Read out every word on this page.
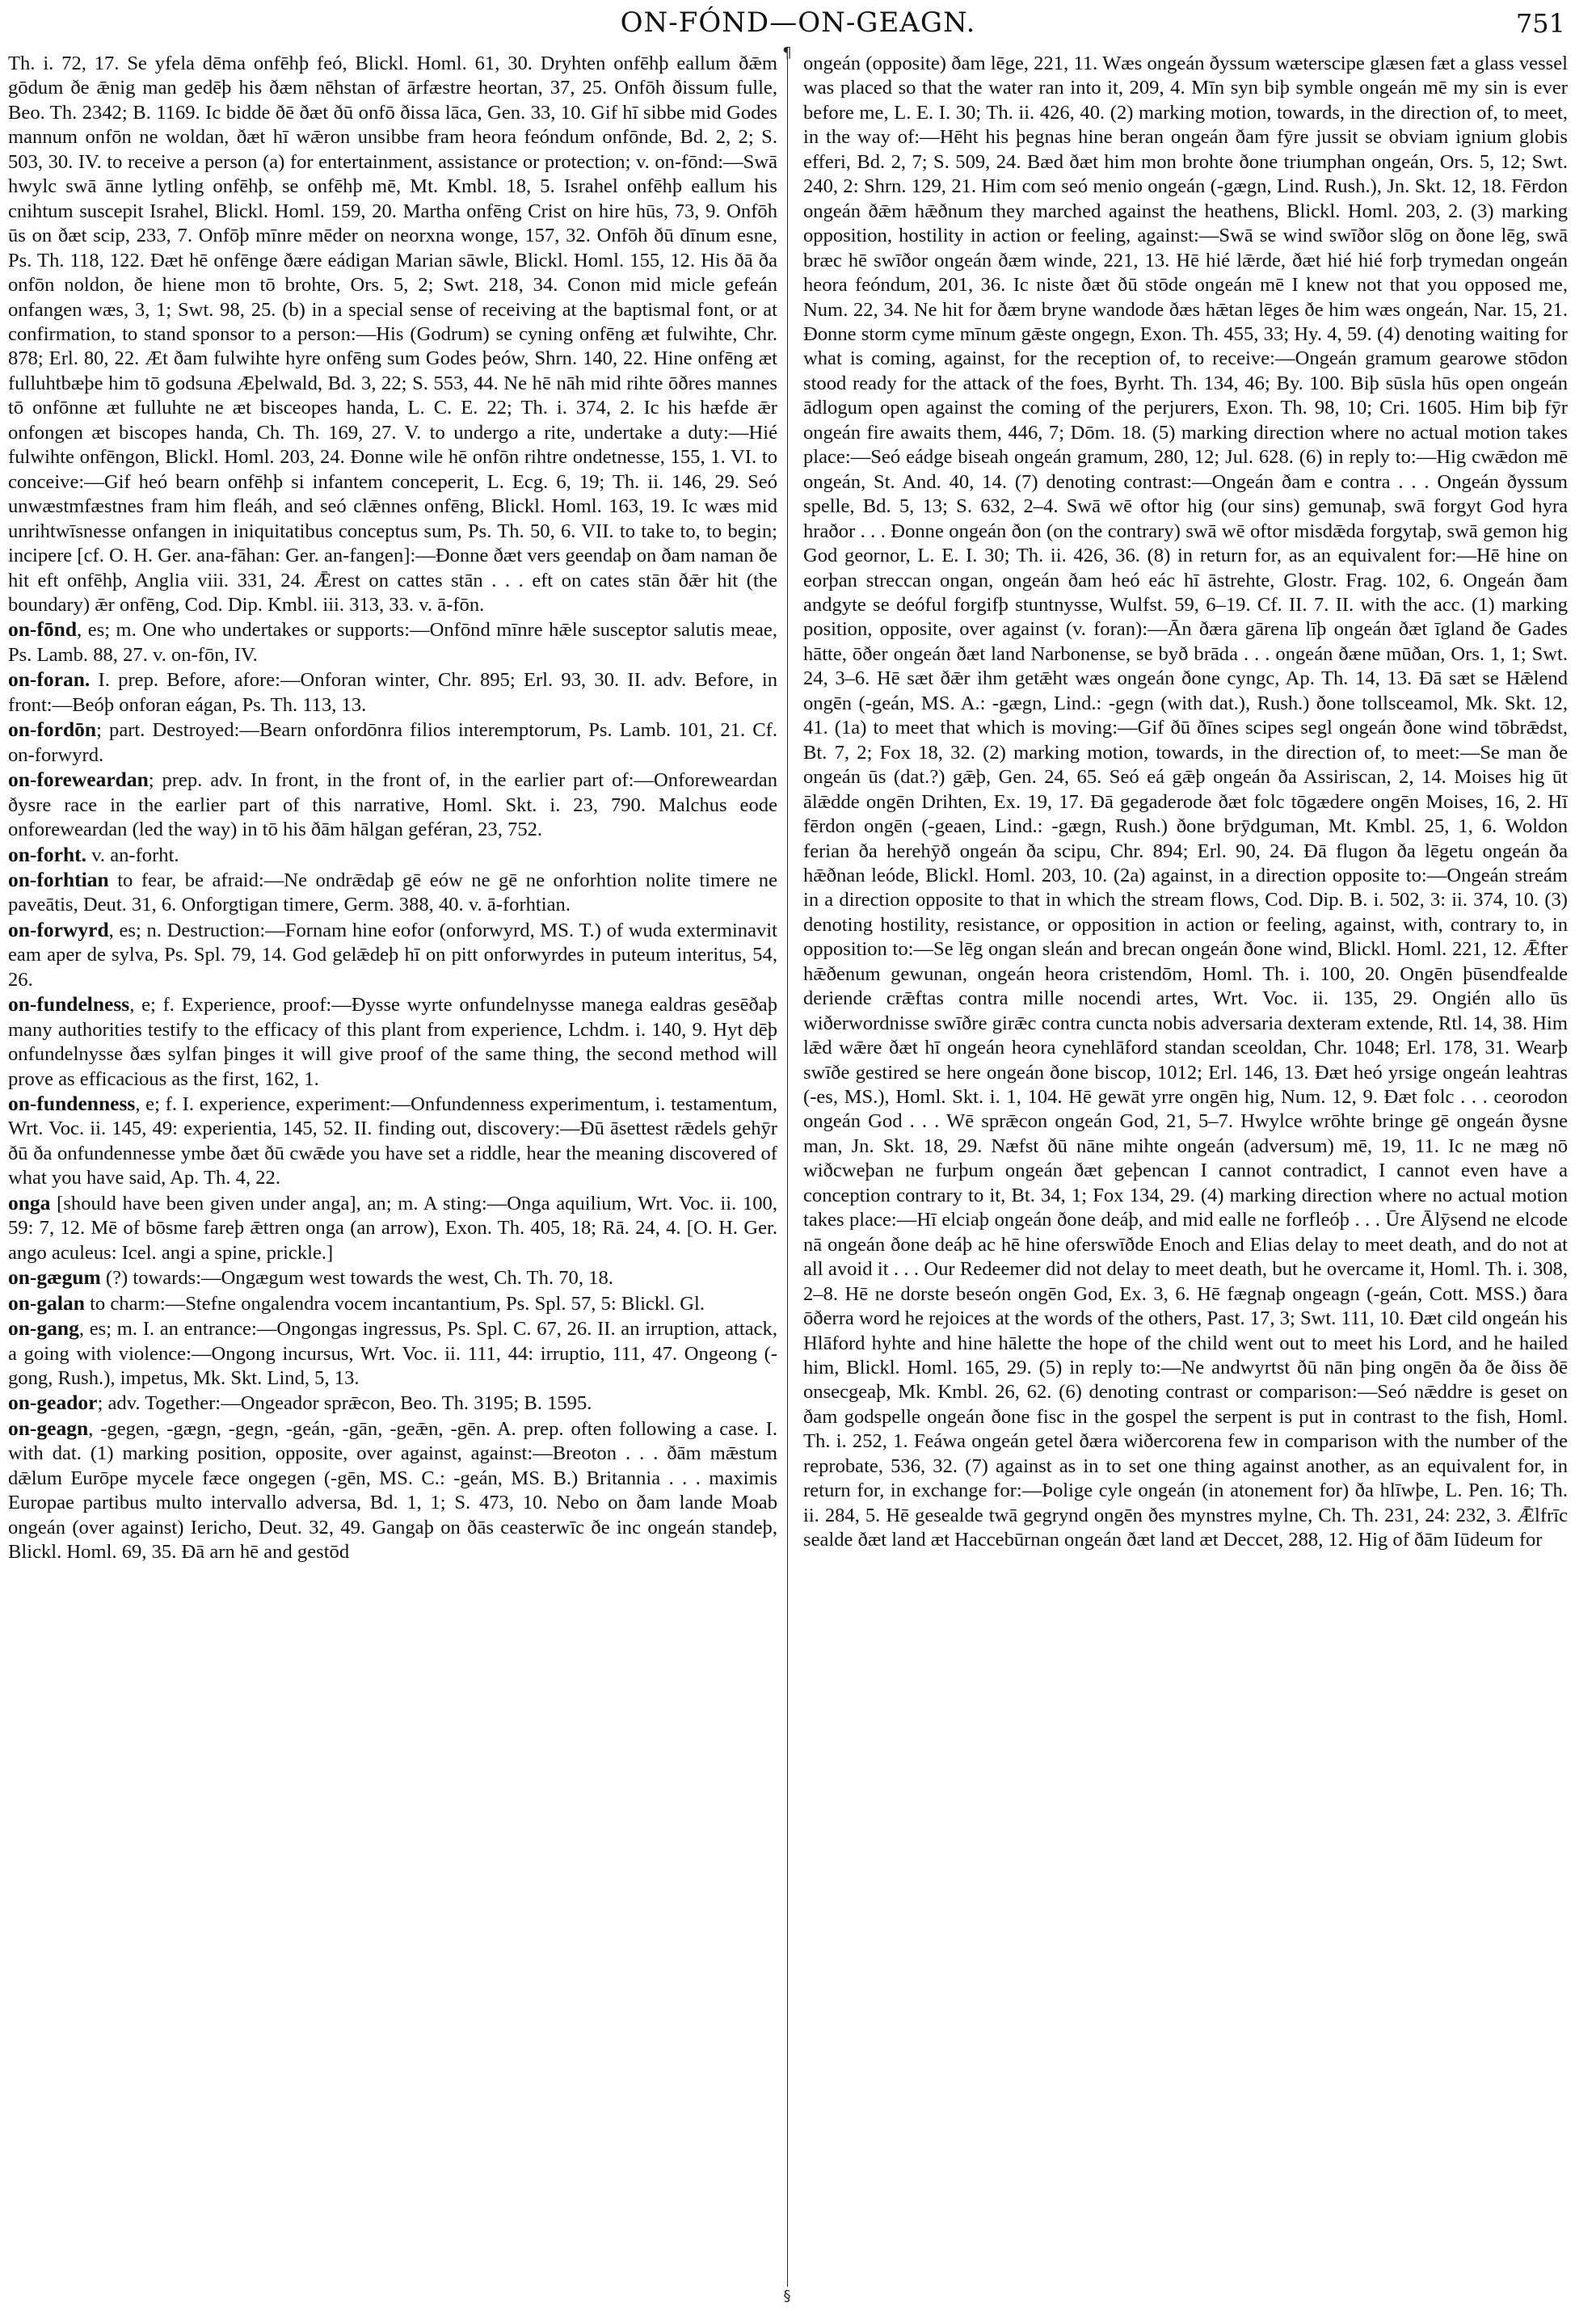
ON-FÓND—ON-GEAGN.	751
¶
§

Th. i. 72, 17. Se yfela dēma onfēhþ feó, Blickl. Homl. 61, 30. Dryhten onfēhþ eallum ðǣm gōdum ðe ǣnig man gedēþ his ðæm nēhstan of ārfæstre heortan, 37, 25. Onfōh ðissum fulle, Beo. Th. 2342; B. 1169. Ic bidde ðē ðæt ðū onfō ðissa lāca, Gen. 33, 10. Gif hī sibbe mid Godes mannum onfōn ne woldan, ðæt hī wǣron unsibbe fram heora feóndum onfōnde, Bd. 2, 2; S. 503, 30. IV. to receive a person (a) for entertainment, assistance or protection; v. on-fōnd:—Swā hwylc swā ānne lytling onfēhþ, se onfēhþ mē, Mt. Kmbl. 18, 5. Israhel onfēhþ eallum his cnihtum suscepit Israhel, Blickl. Homl. 159, 20. Martha onfēng Crist on hire hūs, 73, 9. Onfōh ūs on ðæt scip, 233, 7. Onfōþ mīnre mēder on neorxna wonge, 157, 32. Onfōh ðū dīnum esne, Ps. Th. 118, 122. Ðæt hē onfēnge ðære eádigan Marian sāwle, Blickl. Homl. 155, 12. His ðā ða onfōn noldon, ðe hiene mon tō brohte, Ors. 5, 2; Swt. 218, 34. Conon mid micle gefeán onfangen wæs, 3, 1; Swt. 98, 25. (b) in a special sense of receiving at the baptismal font, or at confirmation, to stand sponsor to a person:—His (Godrum) se cyning onfēng æt fulwihte, Chr. 878; Erl. 80, 22. Æt ðam fulwihte hyre onfēng sum Godes þeów, Shrn. 140, 22. Hine onfēng æt fulluhtbæþe him tō godsuna Æþelwald, Bd. 3, 22; S. 553, 44. Ne hē nāh mid rihte ōðres mannes tō onfōnne æt fulluhte ne æt bisceopes handa, L. C. E. 22; Th. i. 374, 2. Ic his hæfde ǣr onfongen æt biscopes handa, Ch. Th. 169, 27. V. to undergo a rite, undertake a duty:—Hié fulwihte onfēngon, Blickl. Homl. 203, 24. Ðonne wile hē onfōn rihtre ondetnesse, 155, 1. VI. to conceive:—Gif heó bearn onfēhþ si infantem conceperit, L. Ecg. 6, 19; Th. ii. 146, 29. Seó unwæstmfæstnes fram him fleáh, and seó clǣnnes onfēng, Blickl. Homl. 163, 19. Ic wæs mid unrihtwīsnesse onfangen in iniquitatibus conceptus sum, Ps. Th. 50, 6. VII. to take to, to begin; incipere [cf. O. H. Ger. ana-fāhan: Ger. an-fangen]:—Ðonne ðæt vers geendaþ on ðam naman ðe hit eft onfēhþ, Anglia viii. 331, 24. Ǣrest on cattes stān . . . eft on cates stān ðǣr hit (the boundary) ǣr onfēng, Cod. Dip. Kmbl. iii. 313, 33. v. ā-fōn.

on-fōnd, es; m. One who undertakes or supports:—Onfōnd mīnre hǣle susceptor salutis meae, Ps. Lamb. 88, 27. v. on-fōn, IV.

on-foran. I. prep. Before, afore:—Onforan winter, Chr. 895; Erl. 93, 30. II. adv. Before, in front:—Beóþ onforan eágan, Ps. Th. 113, 13.

on-fordōn; part. Destroyed:—Bearn onfordōnra filios interemptorum, Ps. Lamb. 101, 21. Cf. on-forwyrd.

on-foreweardan; prep. adv. In front, in the front of, in the earlier part of:—Onforeweardan ðysre race in the earlier part of this narrative, Homl. Skt. i. 23, 790. Malchus eode onforeweardan (led the way) in tō his ðām hālgan geféran, 23, 752.

on-forht. v. an-forht.

on-forhtian to fear, be afraid:—Ne ondrǣdaþ gē eów ne gē ne onforhtion nolite timere ne paveātis, Deut. 31, 6. Onforgtigan timere, Germ. 388, 40. v. ā-forhtian.

on-forwyrd, es; n. Destruction:—Fornam hine eofor (onforwyrd, MS. T.) of wuda exterminavit eam aper de sylva, Ps. Spl. 79, 14. God gelǣdeþ hī on pitt onforwyrdes in puteum interitus, 54, 26.

on-fundelness, e; f. Experience, proof:—Ðysse wyrte onfundelnysse manega ealdras gesēðaþ many authorities testify to the efficacy of this plant from experience, Lchdm. i. 140, 9. Hyt dēþ onfundelnysse ðæs sylfan þinges it will give proof of the same thing, the second method will prove as efficacious as the first, 162, 1.

on-fundenness, e; f. I. experience, experiment:—Onfundenness experimentum, i. testamentum, Wrt. Voc. ii. 145, 49: experientia, 145, 52. II. finding out, discovery:—Ðū āsettest rǣdels gehȳr ðū ða onfundennesse ymbe ðæt ðū cwǣde you have set a riddle, hear the meaning discovered of what you have said, Ap. Th. 4, 22.

onga [should have been given under anga], an; m. A sting:—Onga aquilium, Wrt. Voc. ii. 100, 59: 7, 12. Mē of bōsme fareþ ǣttren onga (an arrow), Exon. Th. 405, 18; Rā. 24, 4. [O. H. Ger. ango aculeus: Icel. angi a spine, prickle.]

on-gægum (?) towards:—Ongægum west towards the west, Ch. Th. 70, 18.

on-galan to charm:—Stefne ongalendra vocem incantantium, Ps. Spl. 57, 5: Blickl. Gl.

on-gang, es; m. I. an entrance:—Ongongas ingressus, Ps. Spl. C. 67, 26. II. an irruption, attack, a going with violence:—Ongong incursus, Wrt. Voc. ii. 111, 44: irruptio, 111, 47. Ongeong (-gong, Rush.), impetus, Mk. Skt. Lind, 5, 13.

on-geador; adv. Together:—Ongeador sprǣcon, Beo. Th. 3195; B. 1595.

on-geagn, -gegen, -gægn, -gegn, -geán, -gān, -geǣn, -gēn. A. prep. often following a case. I. with dat. (1) marking position, opposite, over against, against:—Breoton . . . ðām mǣstum dǣlum Eurōpe mycele fæce ongegen (-gēn, MS. C.: -geán, MS. B.) Britannia . . . maximis Europae partibus multo intervallo adversa, Bd. 1, 1; S. 473, 10. Nebo on ðam lande Moab ongeán (over against) Iericho, Deut. 32, 49. Gangaþ on ðās ceasterwīc ðe inc ongeán standeþ, Blickl. Homl. 69, 35. Ðā arn hē and gestōd

ongeán (opposite) ðam lēge, 221, 11. Wæs ongeán ðyssum wæterscipe glæsen fæt a glass vessel was placed so that the water ran into it, 209, 4. Mīn syn biþ symble ongeán mē my sin is ever before me, L. E. I. 30; Th. ii. 426, 40. (2) marking motion, towards, in the direction of, to meet, in the way of:—Hēht his þegnas hine beran ongeán ðam fȳre jussit se obviam ignium globis efferi, Bd. 2, 7; S. 509, 24. Bæd ðæt him mon brohte ðone triumphan ongeán, Ors. 5, 12; Swt. 240, 2: Shrn. 129, 21. Him com seó menio ongeán (-gægn, Lind. Rush.), Jn. Skt. 12, 18. Fērdon ongeán ðǣm hǣðnum they marched against the heathens, Blickl. Homl. 203, 2. (3) marking opposition, hostility in action or feeling, against:—Swā se wind swīðor slōg on ðone lēg, swā bræc hē swīðor ongeán ðæm winde, 221, 13. Hē hié lǣrde, ðæt hié hié forþ trymedan ongeán heora feóndum, 201, 36. Ic niste ðæt ðū stōde ongeán mē I knew not that you opposed me, Num. 22, 34. Ne hit for ðæm bryne wandode ðæs hǣtan lēges ðe him wæs ongeán, Nar. 15, 21. Ðonne storm cyme mīnum gǣste ongegn, Exon. Th. 455, 33; Hy. 4, 59. (4) denoting waiting for what is coming, against, for the reception of, to receive:—Ongeán gramum gearowe stōdon stood ready for the attack of the foes, Byrht. Th. 134, 46; By. 100. Biþ sūsla hūs open ongeán ādlogum open against the coming of the perjurers, Exon. Th. 98, 10; Cri. 1605. Him biþ fȳr ongeán fire awaits them, 446, 7; Dōm. 18. (5) marking direction where no actual motion takes place:—Seó eádge biseah ongeán gramum, 280, 12; Jul. 628. (6) in reply to:—Hig cwǣdon mē ongeán, St. And. 40, 14. (7) denoting contrast:—Ongeán ðam e contra . . . Ongeán ðyssum spelle, Bd. 5, 13; S. 632, 2–4. Swā wē oftor hig (our sins) gemunaþ, swā forgyt God hyra hraðor . . . Ðonne ongeán ðon (on the contrary) swā wē oftor misdǣda forgytaþ, swā gemon hig God geornor, L. E. I. 30; Th. ii. 426, 36. (8) in return for, as an equivalent for:—Hē hine on eorþan streccan ongan, ongeán ðam heó eác hī āstrehte, Glostr. Frag. 102, 6. Ongeán ðam andgyte se deóful forgifþ stuntnysse, Wulfst. 59, 6–19. Cf. II. 7. II. with the acc. (1) marking position, opposite, over against (v. foran):—Ān ðæra gārena līþ ongeán ðæt īgland ðe Gades hātte, ōðer ongeán ðæt land Narbonense, se byð brāda . . . ongeán ðæne mūðan, Ors. 1, 1; Swt. 24, 3–6. Hē sæt ðǣr ihm getǣht wæs ongeán ðone cyngc, Ap. Th. 14, 13. Ðā sæt se Hǣlend ongēn (-geán, MS. A.: -gægn, Lind.: -gegn (with dat.), Rush.) ðone tollsceamol, Mk. Skt. 12, 41. (1a) to meet that which is moving:—Gif ðū ðīnes scipes segl ongeán ðone wind tōbrǣdst, Bt. 7, 2; Fox 18, 32. (2) marking motion, towards, in the direction of, to meet:—Se man ðe ongeán ūs (dat.?) gǣþ, Gen. 24, 65. Seó eá gǣþ ongeán ða Assiriscan, 2, 14. Moises hig ūt ālǣdde ongēn Drihten, Ex. 19, 17. Ðā gegaderode ðæt folc tōgædere ongēn Moises, 16, 2. Hī fērdon ongēn (-geaen, Lind.: -gægn, Rush.) ðone brȳdguman, Mt. Kmbl. 25, 1, 6. Woldon ferian ða herehȳð ongeán ða scipu, Chr. 894; Erl. 90, 24. Ðā flugon ða lēgetu ongeán ða hǣðnan leóde, Blickl. Homl. 203, 10. (2a) against, in a direction opposite to:—Ongeán streám in a direction opposite to that in which the stream flows, Cod. Dip. B. i. 502, 3: ii. 374, 10. (3) denoting hostility, resistance, or opposition in action or feeling, against, with, contrary to, in opposition to:—Se lēg ongan sleán and brecan ongeán ðone wind, Blickl. Homl. 221, 12. Ǣfter hǣðenum gewunan, ongeán heora cristendōm, Homl. Th. i. 100, 20. Ongēn þūsendfealde deriende crǣftas contra mille nocendi artes, Wrt. Voc. ii. 135, 29. Ongién allo ūs wiðerwordnisse swīðre girǣc contra cuncta nobis adversaria dexteram extende, Rtl. 14, 38. Him lǣd wǣre ðæt hī ongeán heora cynehlāford standan sceoldan, Chr. 1048; Erl. 178, 31. Wearþ swīðe gestired se here ongeán ðone biscop, 1012; Erl. 146, 13. Ðæt heó yrsige ongeán leahtras (-es, MS.), Homl. Skt. i. 1, 104. Hē gewāt yrre ongēn hig, Num. 12, 9. Ðæt folc . . . ceorodon ongeán God . . . Wē sprǣcon ongeán God, 21, 5–7. Hwylce wrōhte bringe gē ongeán ðysne man, Jn. Skt. 18, 29. Næfst ðū nāne mihte ongeán (adversum) mē, 19, 11. Ic ne mæg nō wiðcweþan ne furþum ongeán ðæt geþencan I cannot contradict, I cannot even have a conception contrary to it, Bt. 34, 1; Fox 134, 29. (4) marking direction where no actual motion takes place:—Hī elciaþ ongeán ðone deáþ, and mid ealle ne forfleóþ . . . Ūre Ālȳsend ne elcode nā ongeán ðone deáþ ac hē hine oferswīðde Enoch and Elias delay to meet death, and do not at all avoid it . . . Our Redeemer did not delay to meet death, but he overcame it, Homl. Th. i. 308, 2–8. Hē ne dorste beseón ongēn God, Ex. 3, 6. Hē fægnaþ ongeagn (-geán, Cott. MSS.) ðara ōðerra word he rejoices at the words of the others, Past. 17, 3; Swt. 111, 10. Ðæt cild ongeán his Hlāford hyhte and hine hālette the hope of the child went out to meet his Lord, and he hailed him, Blickl. Homl. 165, 29. (5) in reply to:—Ne andwyrtst ðū nān þing ongēn ða ðe ðiss ðē onsecgeaþ, Mk. Kmbl. 26, 62. (6) denoting contrast or comparison:—Seó nǣddre is geset on ðam godspelle ongeán ðone fisc in the gospel the serpent is put in contrast to the fish, Homl. Th. i. 252, 1. Feáwa ongeán getel ðæra wiðercorena few in comparison with the number of the reprobate, 536, 32. (7) against as in to set one thing against another, as an equivalent for, in return for, in exchange for:—Þolige cyle ongeán (in atonement for) ða hlīwþe, L. Pen. 16; Th. ii. 284, 5. Hē gesealde twā gegrynd ongēn ðes mynstres mylne, Ch. Th. 231, 24: 232, 3. Ǣlfrīc sealde ðæt land æt Haccebūrnan ongeán ðæt land æt Deccet, 288, 12. Hig of ðām Iūdeum for
